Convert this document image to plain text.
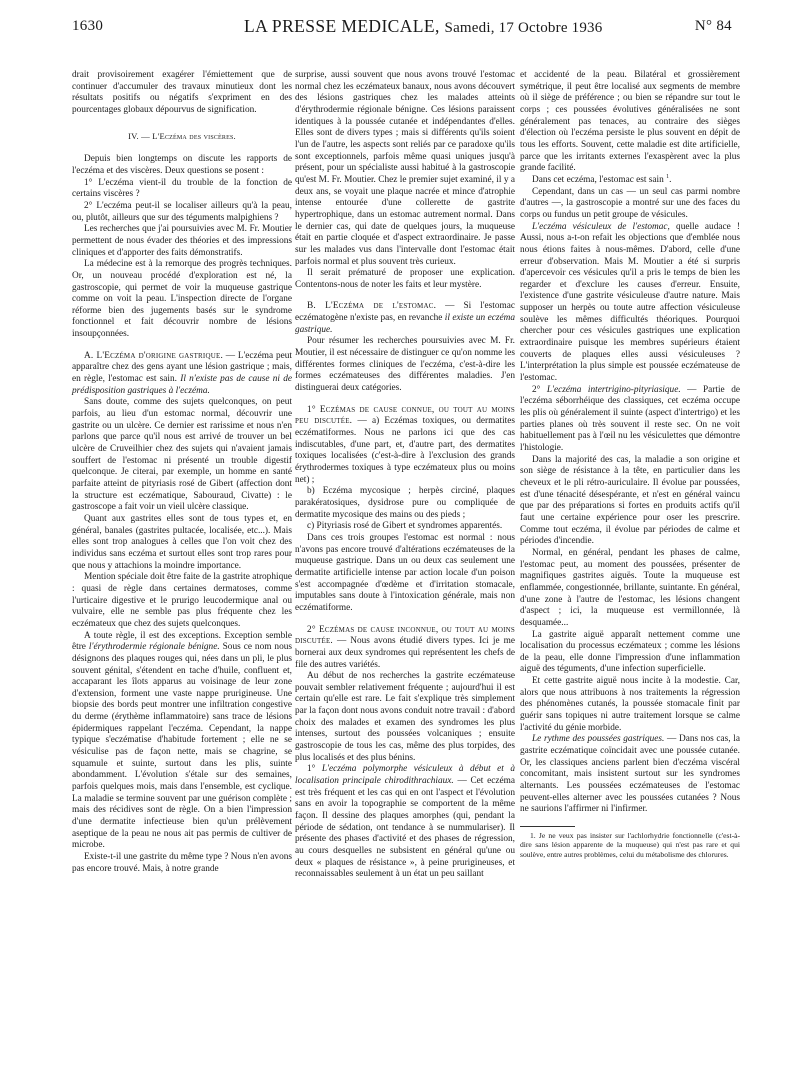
1630	LA PRESSE MEDICALE, Samedi, 17 Octobre 1936	N° 84

drait provisoirement exagérer l'émiettement que de continuer d'accumuler des travaux minutieux dont les résultats positifs ou négatifs s'expriment en des pourcentages globaux dépourvus de signification.

IV. — L'Eczéma des viscères.

Depuis bien longtemps on discute les rapports de l'eczéma et des viscères. Deux questions se posent :

1° L'eczéma vient-il du trouble de la fonction de certains viscères ?

2° L'eczéma peut-il se localiser ailleurs qu'à la peau, ou, plutôt, ailleurs que sur des téguments malpighiens ?

Les recherches que j'ai poursuivies avec M. Fr. Moutier permettent de nous évader des théories et des impressions cliniques et d'apporter des faits démonstratifs.

La médecine est à la remorque des progrès techniques. Or, un nouveau procédé d'exploration est né, la gastroscopie, qui permet de voir la muqueuse gastrique comme on voit la peau. L'inspection directe de l'organe réforme bien des jugements basés sur le syndrome fonctionnel et fait découvrir nombre de lésions insoupçonnées.

A. L'Eczéma d'origine gastrique. — L'eczéma peut apparaître chez des gens ayant une lésion gastrique ; mais, en règle, l'estomac est sain. Il n'existe pas de cause ni de prédisposition gastriques à l'eczéma.

Sans doute, comme des sujets quelconques, on peut parfois, au lieu d'un estomac normal, découvrir une gastrite ou un ulcère. Ce dernier est rarissime et nous n'en parlons que parce qu'il nous est arrivé de trouver un bel ulcère de Cruveilhier chez des sujets qui n'avaient jamais souffert de l'estomac ni présenté un trouble digestif quelconque. Je citerai, par exemple, un homme en santé parfaite atteint de pityriasis rosé de Gibert (affection dont la structure est eczématique, Sabouraud, Civatte) : le gastroscope a fait voir un vieil ulcère classique.

Quant aux gastrites elles sont de tous types et, en général, banales (gastrites pultacée, localisée, etc...). Mais elles sont trop analogues à celles que l'on voit chez des individus sans eczéma et surtout elles sont trop rares pour que nous y attachions la moindre importance.

Mention spéciale doit être faite de la gastrite atrophique : quasi de règle dans certaines dermatoses, comme l'urticaire digestive et le prurigo leucodermique anal ou vulvaire, elle ne semble pas plus fréquente chez les eczémateux que chez des sujets quelconques.

A toute règle, il est des exceptions. Exception semble être l'érythrodermie régionale bénigne. Sous ce nom nous désignons des plaques rouges qui, nées dans un pli, le plus souvent génital, s'étendent en tache d'huile, confluent et, accaparant les îlots apparus au voisinage de leur zone d'extension, forment une vaste nappe prurigineuse. Une biopsie des bords peut montrer une infiltration congestive du derme (érythème inflammatoire) sans trace de lésions épidermiques rappelant l'eczéma. Cependant, la nappe typique s'eczématise d'habitude fortement ; elle ne se vésiculise pas de façon nette, mais se chagrine, se squamule et suinte, surtout dans les plis, suinte abondamment. L'évolution s'étale sur des semaines, parfois quelques mois, mais dans l'ensemble, est cyclique. La maladie se termine souvent par une guérison complète ; mais des récidives sont de règle. On a bien l'impression d'une dermatite infectieuse bien qu'un prélèvement aseptique de la peau ne nous ait pas permis de cultiver de microbe.

Existe-t-il une gastrite du même type ? Nous n'en avons pas encore trouvé. Mais, à notre grande

surprise, aussi souvent que nous avons trouvé l'estomac normal chez les eczémateux banaux, nous avons découvert des lésions gastriques chez les malades atteints d'érythrodermie régionale bénigne. Ces lésions paraissent identiques à la poussée cutanée et indépendantes d'elles. Elles sont de divers types ; mais si différents qu'ils soient l'un de l'autre, les aspects sont reliés par ce paradoxe qu'ils sont exceptionnels, parfois même quasi uniques jusqu'à présent, pour un spécialiste aussi habitué à la gastroscopie qu'est M. Fr. Moutier. Chez le premier sujet examiné, il y a deux ans, se voyait une plaque nacrée et mince d'atrophie intense entourée d'une collerette de gastrite hypertrophique, dans un estomac autrement normal. Dans le dernier cas, qui date de quelques jours, la muqueuse était en partie cloquée et d'aspect extraordinaire. Je passe sur les malades vus dans l'intervalle dont l'estomac était parfois normal et plus souvent très curieux.

Il serait prématuré de proposer une explication. Contentons-nous de noter les faits et leur mystère.

B. L'Eczéma de l'estomac. — Si l'estomac eczématogène n'existe pas, en revanche il existe un eczéma gastrique.

Pour résumer les recherches poursuivies avec M. Fr. Moutier, il est nécessaire de distinguer ce qu'on nomme les différentes formes cliniques de l'eczéma, c'est-à-dire les formes eczémateuses des différentes maladies. J'en distinguerai deux catégories.

1° Eczémas de cause connue, ou tout au moins peu discutée. — a) Eczémas toxiques, ou dermatites eczématiformes. Nous ne parlons ici que des cas indiscutables, d'une part, et, d'autre part, des dermatites toxiques localisées (c'est-à-dire à l'exclusion des grands érythrodermes toxiques à type eczémateux plus ou moins net) ;

b) Eczéma mycosique ; herpès circiné, plaques parakératosiques, dysidrose pure ou compliquée de dermatite mycosique des mains ou des pieds ;

c) Pityriasis rosé de Gibert et syndromes apparentés.

Dans ces trois groupes l'estomac est normal : nous n'avons pas encore trouvé d'altérations eczémateuses de la muqueuse gastrique. Dans un ou deux cas seulement une dermatite artificielle intense par action locale d'un poison s'est accompagnée d'œdème et d'irritation stomacale, imputables sans doute à l'intoxication générale, mais non eczématiforme.

2° Eczémas de cause inconnue, ou tout au moins discutée. — Nous avons étudié divers types. Ici je me bornerai aux deux syndromes qui représentent les chefs de file des autres variétés.

Au début de nos recherches la gastrite eczémateuse pouvait sembler relativement fréquente ; aujourd'hui il est certain qu'elle est rare. Le fait s'explique très simplement par la façon dont nous avons conduit notre travail : d'abord choix des malades et examen des syndromes les plus intenses, surtout des poussées volcaniques ; ensuite gastroscopie de tous les cas, même des plus torpides, des plus localisés et des plus bénins.

1° L'eczéma polymorphe vésiculeux à début et à localisation principale chirodithrachiaux. — Cet eczéma est très fréquent et les cas qui en ont l'aspect et l'évolution sans en avoir la topographie se comportent de la même façon. Il dessine des plaques amorphes (qui, pendant la période de sédation, ont tendance à se nummulariser). Il présente des phases d'activité et des phases de régression, au cours desquelles ne subsistent en général qu'une ou deux « plaques de résistance », à peine prurigineuses, et reconnaissables seulement à un état un peu saillant

et accidenté de la peau. Bilatéral et grossièrement symétrique, il peut être localisé aux segments de membre où il siège de préférence ; ou bien se répandre sur tout le corps ; ces poussées évolutives généralisées ne sont généralement pas tenaces, au contraire des sièges d'élection où l'eczéma persiste le plus souvent en dépit de tous les efforts. Souvent, cette maladie est dite artificielle, parce que les irritants externes l'exaspèrent avec la plus grande facilité.

Dans cet eczéma, l'estomac est sain $^1$.

Cependant, dans un cas — un seul cas parmi nombre d'autres —, la gastroscopie a montré sur une des faces du corps ou fundus un petit groupe de vésicules.

L'eczéma vésiculeux de l'estomac, quelle audace ! Aussi, nous a-t-on refait les objections que d'emblée nous nous étions faites à nous-mêmes. D'abord, celle d'une erreur d'observation. Mais M. Moutier a été si surpris d'apercevoir ces vésicules qu'il a pris le temps de bien les regarder et d'exclure les causes d'erreur. Ensuite, l'existence d'une gastrite vésiculeuse d'autre nature. Mais supposer un herpès ou toute autre affection vésiculeuse soulève les mêmes difficultés théoriques. Pourquoi chercher pour ces vésicules gastriques une explication extraordinaire puisque les membres supérieurs étaient couverts de plaques elles aussi vésiculeuses ? L'interprétation la plus simple est poussée eczémateuse de l'estomac.

2° L'eczéma intertrigino-pityriasique. — Partie de l'eczéma séborrhéique des classiques, cet eczéma occupe les plis où généralement il suinte (aspect d'intertrigo) et les parties planes où très souvent il reste sec. On ne voit habituellement pas à l'œil nu les vésiculettes que démontre l'histologie.

Dans la majorité des cas, la maladie a son origine et son siège de résistance à la tête, en particulier dans les cheveux et le pli rétro-auriculaire. Il évolue par poussées, est d'une ténacité désespérante, et n'est en général vaincu que par des préparations si fortes en produits actifs qu'il faut une certaine expérience pour oser les prescrire. Comme tout eczéma, il évolue par périodes de calme et périodes d'incendie.

Normal, en général, pendant les phases de calme, l'estomac peut, au moment des poussées, présenter de magnifiques gastrites aiguës. Toute la muqueuse est enflammée, congestionnée, brillante, suintante. En général, d'une zone à l'autre de l'estomac, les lésions changent d'aspect ; ici, la muqueuse est vermillonnée, là desquamée...

La gastrite aiguë apparaît nettement comme une localisation du processus eczémateux ; comme les lésions de la peau, elle donne l'impression d'une inflammation aiguë des téguments, d'une infection superficielle.

Et cette gastrite aiguë nous incite à la modestie. Car, alors que nous attribuons à nos traitements la régression des phénomènes cutanés, la poussée stomacale finit par guérir sans topiques ni autre traitement lorsque se calme l'activité du génie morbide.

Le rythme des poussées gastriques. — Dans nos cas, la gastrite eczématique coïncidait avec une poussée cutanée. Or, les classiques anciens parlent bien d'eczéma viscéral concomitant, mais insistent surtout sur les syndromes alternants. Les poussées eczémateuses de l'estomac peuvent-elles alterner avec les poussées cutanées ? Nous ne saurions l'affirmer ni l'infirmer.

1. Je ne veux pas insister sur l'achlorhydrie fonctionnelle (c'est-à-dire sans lésion apparente de la muqueuse) qui n'est pas rare et qui soulève, entre autres problèmes, celui du métabolisme des chlorures.
